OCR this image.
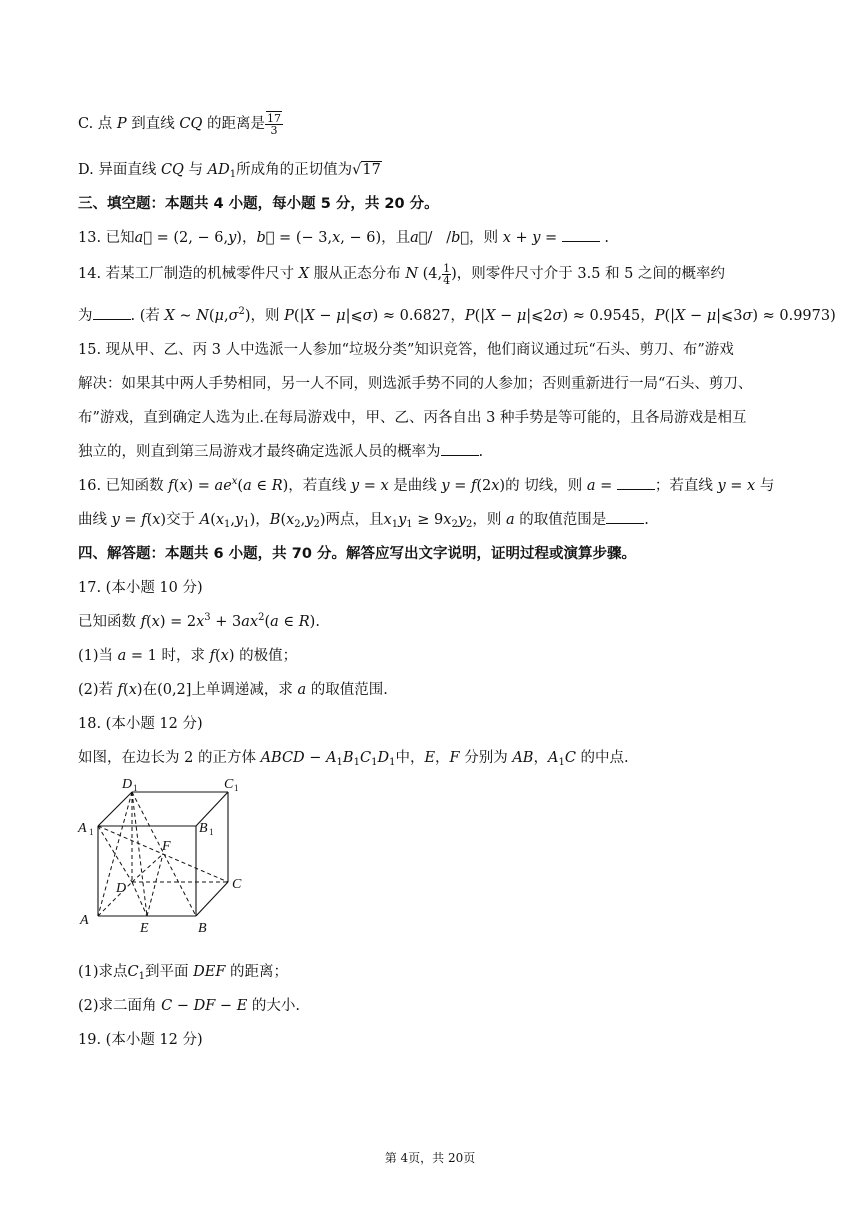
C. 点 P 到直线 CQ 的距离是 $\frac{17}{3}$
D. 异面直线 CQ 与 $AD_1$所成角的正切值为√17
三、填空题：本题共 4 小题，每小题 5 分，共 20 分。
13. 已知a⃗ = (2, − 6,y)，b⃗ = (− 3,x, − 6)，且a⃗/   /b⃗，则 x + y =	.
14. 若某工厂制造的机械零件尺寸 X 服从正态分布 N (4, $\frac{1}{4}$ )，则零件尺寸介于 3.5 和 5 之间的概率约
为	. (若 X ∼ $N(\mu,\sigma^2)$，则 P(|X − μ|⩽σ) ≈ 0.6827，P(|X − μ|⩽2σ) ≈ 0.9545，P(|X − μ|⩽3σ) ≈ 0.9973)
15. 现从甲、乙、丙 3 人中选派一人参加“垃圾分类”知识竞答，他们商议通过玩“石头、剪刀、布”游戏
解决：如果其中两人手势相同，另一人不同，则选派手势不同的人参加；否则重新进行一局“石头、剪刀、
布”游戏，直到确定人选为止.在每局游戏中，甲、乙、丙各自出 3 种手势是等可能的，且各局游戏是相互
独立的，则直到第三局游戏才最终确定选派人员的概率为	.
16. 已知函数 $f(x) = ae^x(a$ ∈ R)，若直线 y = x 是曲线 y = f(2x)的 切线，则 a =	；若直线 y = x 与
曲线 y = f(x)交于 $A(x_1,y_1)$，$B(x_2,y_2)$两点，且$x_1y_1 \ge 9x_2y_2$，则 a 的取值范围是	.
四、解答题：本题共 6 小题，共 70 分。解答应写出文字说明，证明过程或演算步骤。
17. (本小题 10 分)
已知函数 $f(x) = 2x^3 + 3ax^2(a$ ∈ R).
(1)当 a = 1 时，求 f(x) 的极值；
(2)若 f(x)在(0,2]上单调递减，求 a 的取值范围.
18. (本小题 12 分)
如图，在边长为 2 的正方体 ABCD − $A_1B_1C_1D_1$中，E，F 分别为 AB，$A_1C$ 的中点.
A
B
C
D
E
F
A 1	B 1
C 1
D 1
(1)求点$C_1$到平面 DEF 的距离；
(2)求二面角 C − DF − E 的大小.
19. (本小题 12 分)
第 4页，共 20页
